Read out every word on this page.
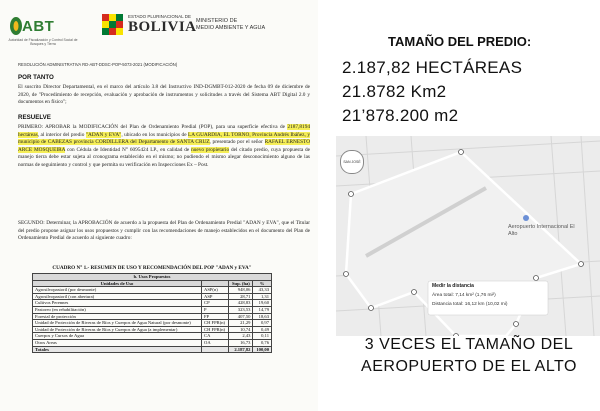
ABT
Autoridad de Fiscalización y Control Social de Bosques y Tierra
ESTADO PLURINACIONAL DE
BOLIVIA MINISTERIO DE
MEDIO AMBIENTE Y AGUA
RESOLUCIÓN ADMINISTRATIVA RD-ABT-DDSC-POP-5073-2021 (MODIFICACIÓN)
POR TANTO

El suscrito Director Departamental, en el marco del artículo 3.8 del Instructivo IND-DGMBT-012-2020 de fecha 09 de diciembre de 2020, de "Procedimiento de recepción, evaluación y aprobación de instrumentos y solicitudes a través del Sistema ABT Digital 2.0 y documentos en físico";

RESUELVE

PRIMERO: APROBAR la MODIFICACIÓN del Plan de Ordenamiento Predial (POP), para una superficie efectiva de 2187,8194 hectáreas, al interior del predio "ADAN y EVA", ubicado en los municipios de LA GUARDIA, EL TORNO, Provincia Andrés Ibáñez, y municipio de CABEZAS provincia CORDILLERA del Departamento de SANTA CRUZ, presentado por el señor RAFAEL ERNESTO ARCE MOSQUEIRA con Cédula de Identidad N° 6095424 LP., en calidad de nuevo propietario del citado predio, cuya propuesta de manejo tierra debe estar sujeta al cronograma establecido en el mismo; no pudiendo el mismo alegar desconocimiento alguno de las normas de seguimiento y control y que permita su verificación en Inspecciones Ex – Post.

SEGUNDO: Determinar, la APROBACIÓN de acuerdo a la propuesta del Plan de Ordenamiento Predial "ADAN y EVA", que el Titular del predio propone asignar los usos propuestos y cumplir con las recomendaciones de manejo establecidos en el documento del Plan de Ordenamiento Predial de acuerdo al siguiente cuadro:

CUADRO N° 1.- RESUMEN DE USO Y RECOMENDACIÓN DEL POP "ADAN y EVA"
b. Usos Propuestos			
Unidades de Uso		Sup. (ha)	%
Agrosilvopastoril (por desmonte)	ASP(n)	948,06	43,33
Agrosilvopastoril (con abertura)	ASP	28,71	1,31
Cultivos Perennes	CP	428,83	19,60
Pastoreo (en rehabilitación)	P	323,53	14,79
Forestal de protección	FP	407,50	18,63
Unidad de Protección de Riveras de Ríos y Cuerpos de Agua Natural (por desmonte)	CH FPR(n)	21,29	0,97
Unidad de Protección de Riveras de Ríos y Cuerpos de Agua (a implementar)	CH FPR(n)	10,74	0,49
Cuerpos y Cursos de Agua	CA	2,43	0,11
Otros Areas	OA	16,73	0,76
Totales		2.187,82	100,00
TAMAÑO DEL PREDIO:
2.187,82 HECTÁREAS
21.8782 Km2
21’878.200 m2
Aeropuerto Internacional El Alto
Medir la distancia
Área total: 7,14 km² (1,76 mi²)
Distancia total: 16,12 km (10,02 mi)
SAN JOSÉ
3 VECES EL TAMAÑO DEL
AEROPUERTO DE EL ALTO
